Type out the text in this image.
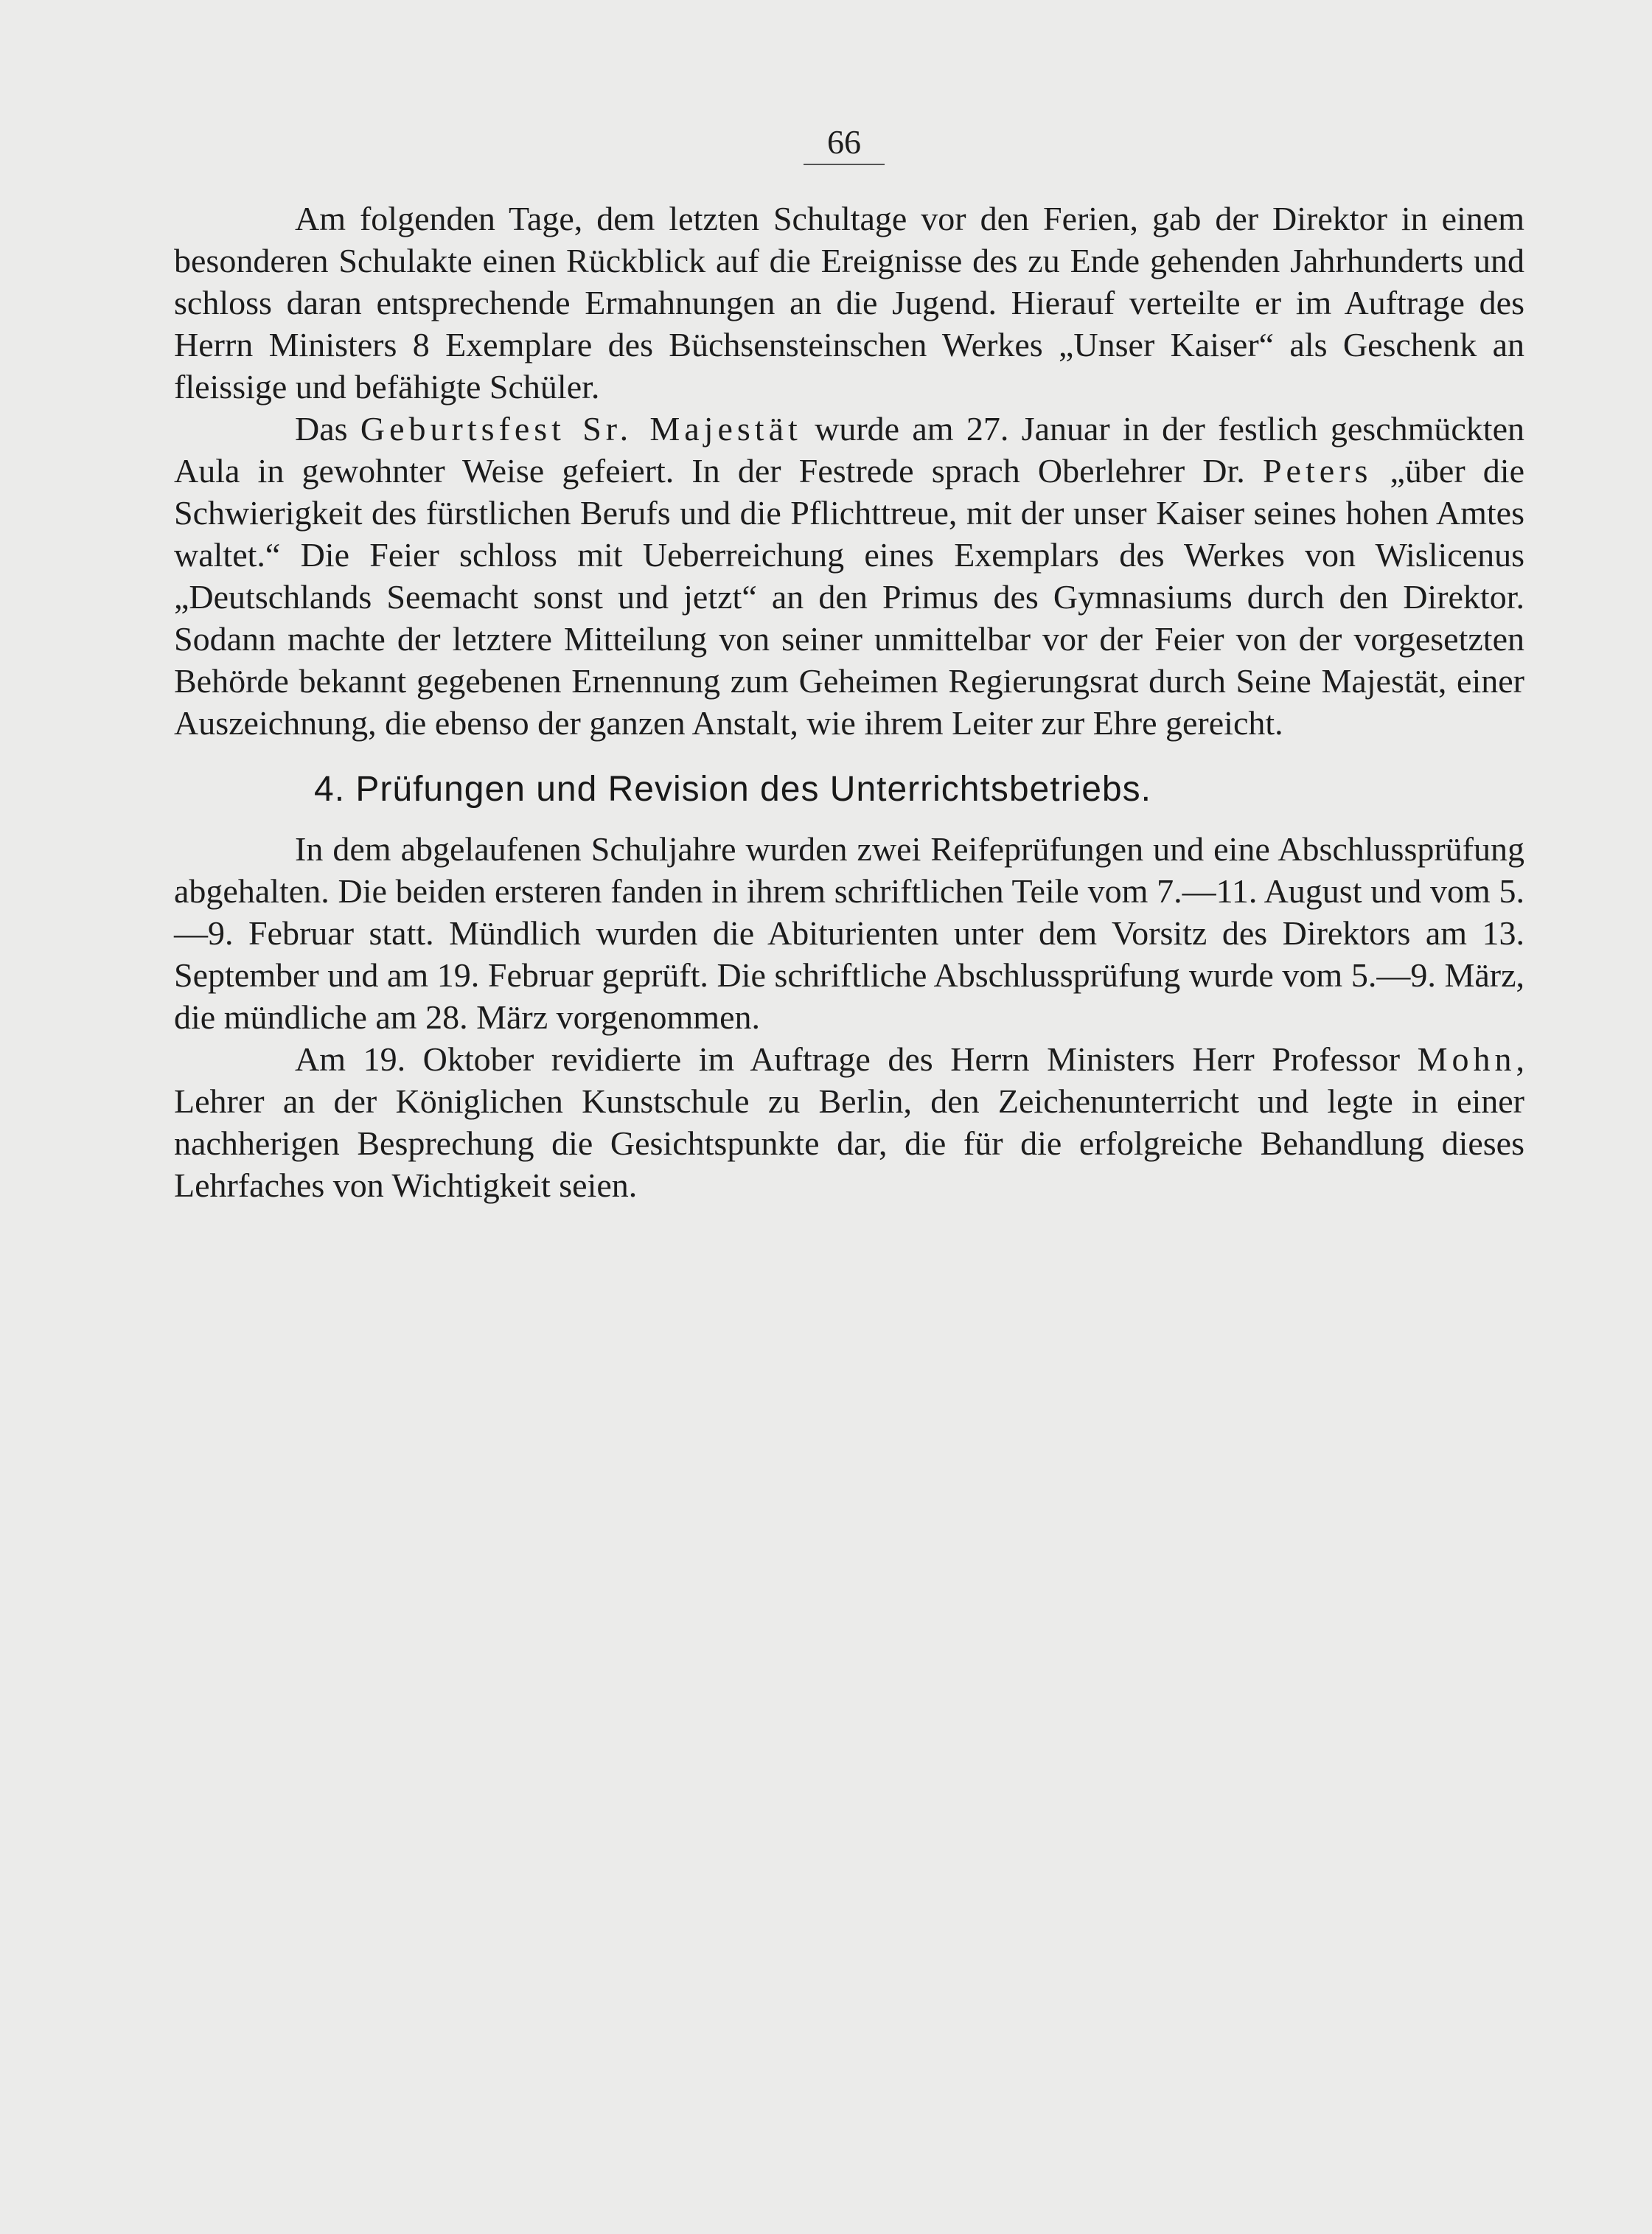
66

Am folgenden Tage, dem letzten Schultage vor den Ferien, gab der Direktor in einem besonderen Schulakte einen Rückblick auf die Ereignisse des zu Ende gehenden Jahrhunderts und schloss daran entsprechende Ermahnungen an die Jugend. Hierauf verteilte er im Auftrage des Herrn Ministers 8 Exemplare des Büchsensteinschen Werkes „Unser Kaiser“ als Geschenk an fleissige und befähigte Schüler.

Das Geburtsfest Sr. Majestät wurde am 27. Januar in der festlich geschmückten Aula in gewohnter Weise gefeiert. In der Festrede sprach Oberlehrer Dr. Peters „über die Schwierigkeit des fürstlichen Berufs und die Pflichttreue, mit der unser Kaiser seines hohen Amtes waltet.“ Die Feier schloss mit Ueberreichung eines Exemplars des Werkes von Wislicenus „Deutschlands Seemacht sonst und jetzt“ an den Primus des Gymnasiums durch den Direktor. Sodann machte der letztere Mitteilung von seiner unmittelbar vor der Feier von der vorgesetzten Behörde bekannt gegebenen Ernennung zum Geheimen Regierungsrat durch Seine Majestät, einer Auszeichnung, die ebenso der ganzen Anstalt, wie ihrem Leiter zur Ehre gereicht.

4. Prüfungen und Revision des Unterrichtsbetriebs.

In dem abgelaufenen Schuljahre wurden zwei Reifeprüfungen und eine Abschlussprüfung abgehalten. Die beiden ersteren fanden in ihrem schriftlichen Teile vom 7.—11. August und vom 5.—9. Februar statt. Mündlich wurden die Abiturienten unter dem Vorsitz des Direktors am 13. September und am 19. Februar geprüft. Die schriftliche Abschlussprüfung wurde vom 5.—9. März, die mündliche am 28. März vorgenommen.

Am 19. Oktober revidierte im Auftrage des Herrn Ministers Herr Professor Mohn, Lehrer an der Königlichen Kunstschule zu Berlin, den Zeichenunterricht und legte in einer nachherigen Besprechung die Gesichtspunkte dar, die für die erfolgreiche Behandlung dieses Lehrfaches von Wichtigkeit seien.
